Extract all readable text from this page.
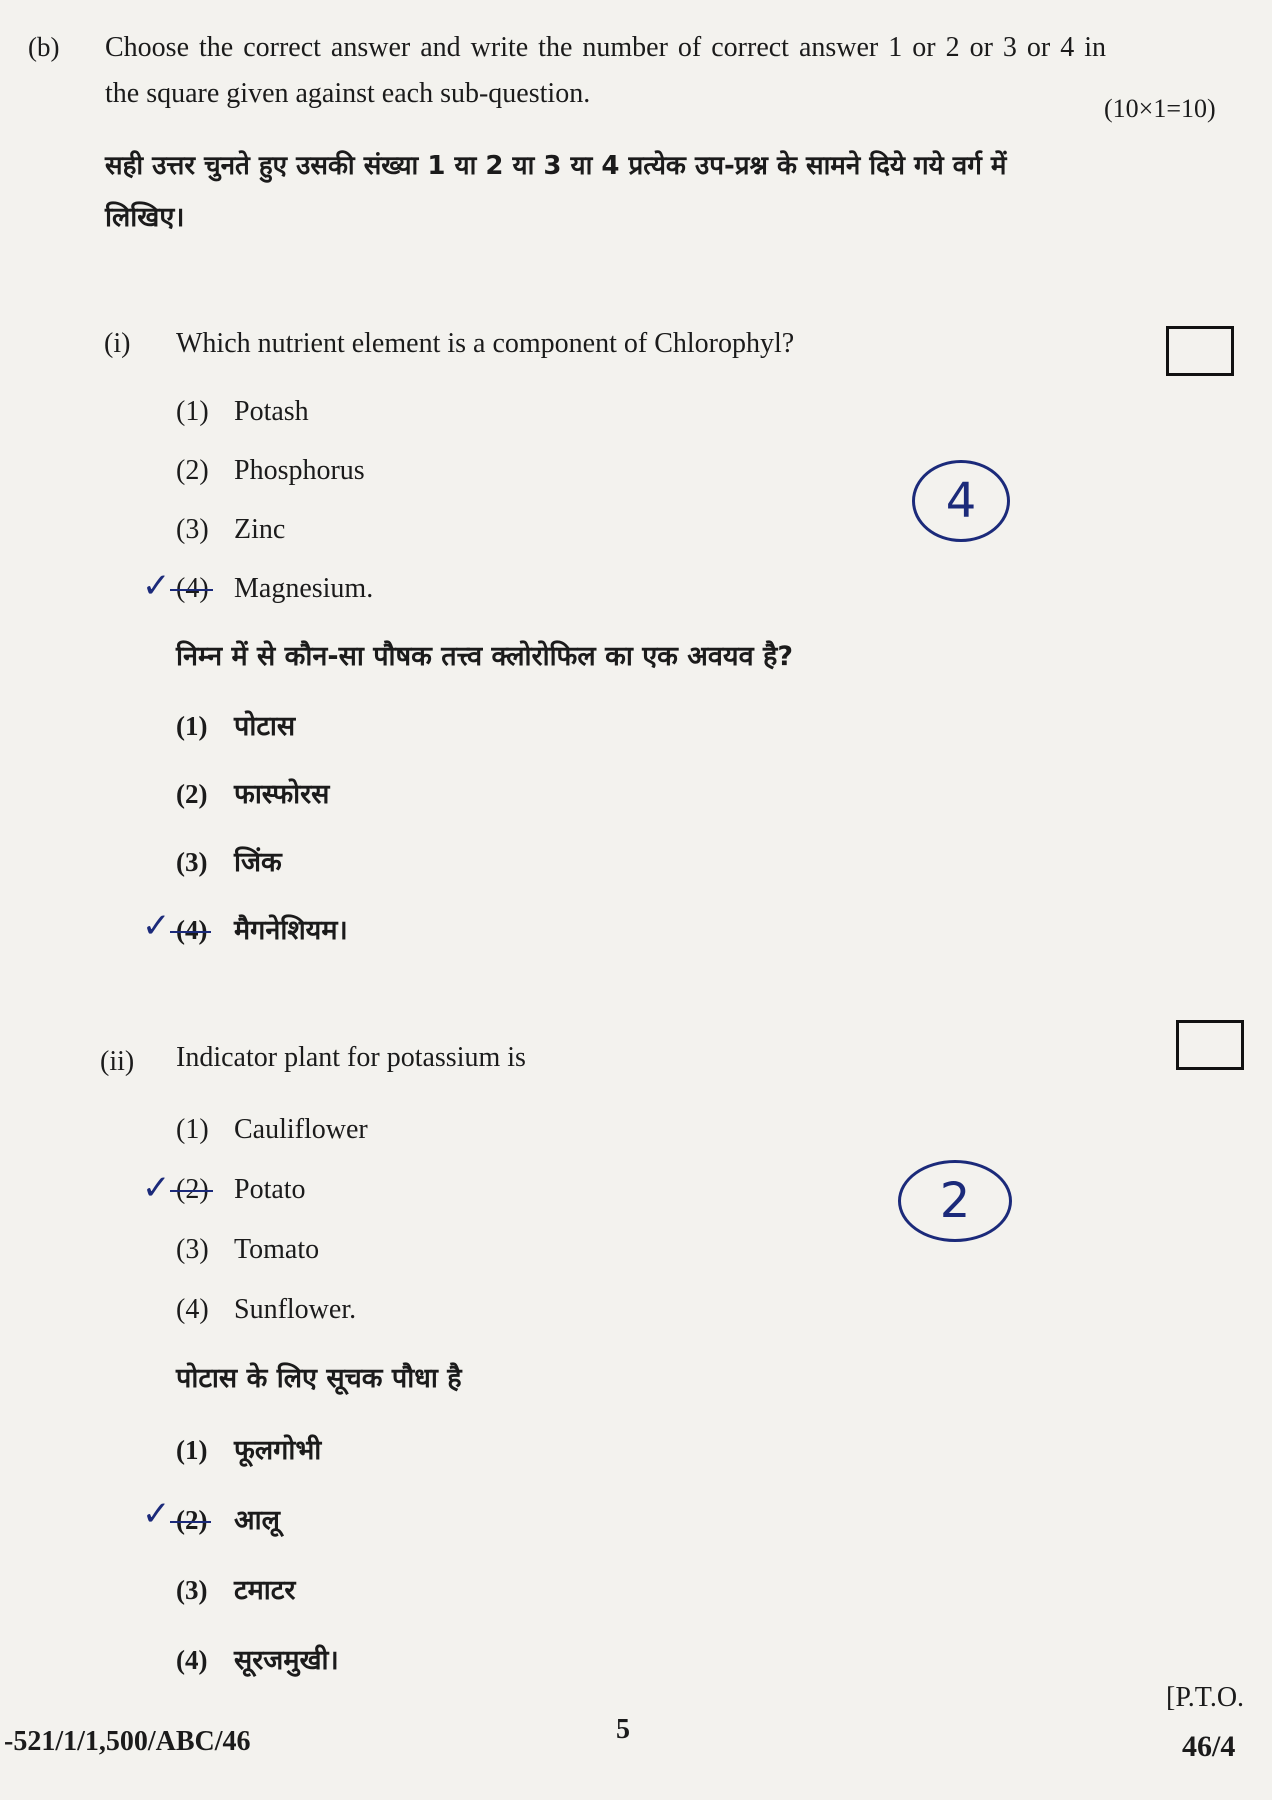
(b) Choose the correct answer and write the number of correct answer 1 or 2 or 3 or 4 in
the square given against each sub-question.	(10×1=10)
सही उत्तर चुनते हुए उसकी संख्या 1 या 2 या 3 या 4 प्रत्येक उप-प्रश्न के सामने दिये गये वर्ग में
लिखिए।
(i) Which nutrient element is a component of Chlorophyl?
(1) Potash
(2) Phosphorus
(3) Zinc
✓ (4) Magnesium.
4
निम्न में से कौन-सा पौषक तत्त्व क्लोरोफिल का एक अवयव है?
(1) पोटास
(2) फास्फोरस
(3) जिंक
✓ (4) मैगनेशियम।
(ii) Indicator plant for potassium is
(1) Cauliflower
✓ (2) Potato
(3) Tomato
(4) Sunflower.
2
पोटास के लिए सूचक पौधा है
(1) फूलगोभी
✓ (2) आलू
(3) टमाटर
(4) सूरजमुखी।
[P.T.O.
-521/1/1,500/ABC/46	5
46/4
